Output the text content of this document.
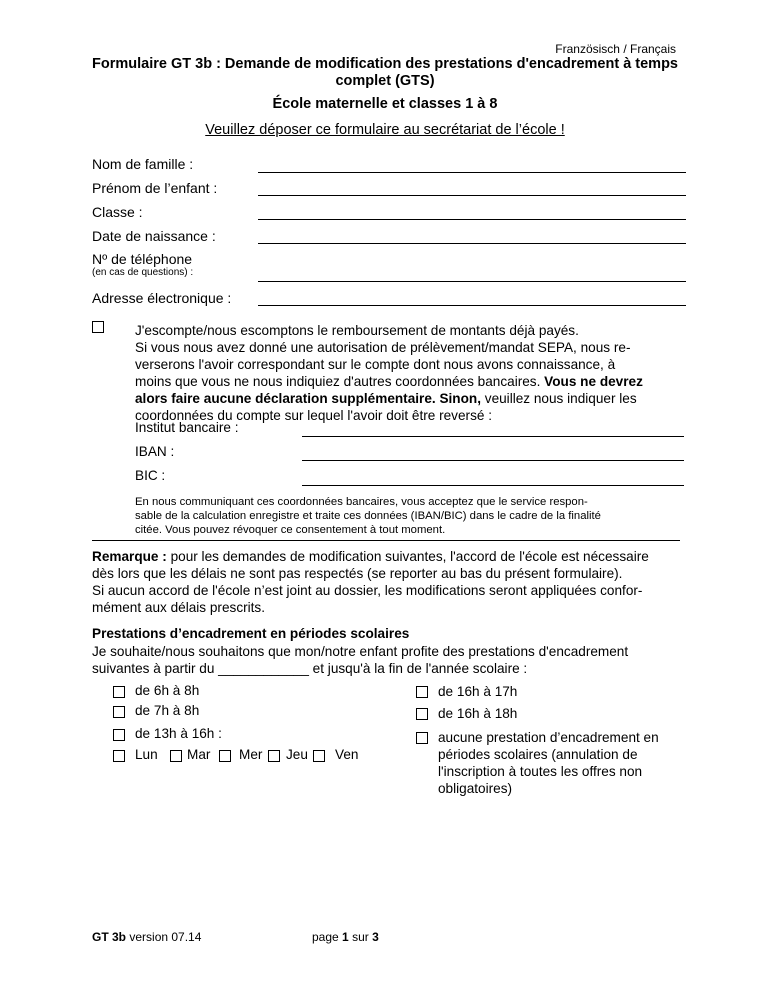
Französisch / Français
Formulaire GT 3b : Demande de modification des prestations d'encadrement à temps complet (GTS)
École maternelle et classes 1 à 8
Veuillez déposer ce formulaire au secrétariat de l’école !
Nom de famille :
Prénom de l’enfant :
Classe :
Date de naissance :
Nº de téléphone
(en cas de questions) :
Adresse électronique :
J'escompte/nous escomptons le remboursement de montants déjà payés.
Si vous nous avez donné une autorisation de prélèvement/mandat SEPA, nous re-
verserons l'avoir correspondant sur le compte dont nous avons connaissance, à
moins que vous ne nous indiquiez d'autres coordonnées bancaires. Vous ne devrez
alors faire aucune déclaration supplémentaire. Sinon, veuillez nous indiquer les
coordonnées du compte sur lequel l'avoir doit être reversé :
Institut bancaire :
IBAN :
BIC :
En nous communiquant ces coordonnées bancaires, vous acceptez que le service respon-
sable de la calculation enregistre et traite ces données (IBAN/BIC) dans le cadre de la finalité
citée. Vous pouvez révoquer ce consentement à tout moment.
Remarque : pour les demandes de modification suivantes, l'accord de l'école est nécessaire
dès lors que les délais ne sont pas respectés (se reporter au bas du présent formulaire).
Si aucun accord de l'école n’est joint au dossier, les modifications seront appliquées confor-
mément aux délais prescrits.
Prestations d’encadrement en périodes scolaires
Je souhaite/nous souhaitons que mon/notre enfant profite des prestations d'encadrement
suivantes à partir du ____________ et jusqu'à la fin de l'année scolaire :
de 6h à 8h
de 7h à 8h
de 13h à 16h :
Lun Mar Mer Jeu Ven
de 16h à 17h
de 16h à 18h
aucune prestation d’encadrement en
périodes scolaires (annulation de
l'inscription à toutes les offres non
obligatoires)
GT 3b version 07.14	page 1 sur 3
